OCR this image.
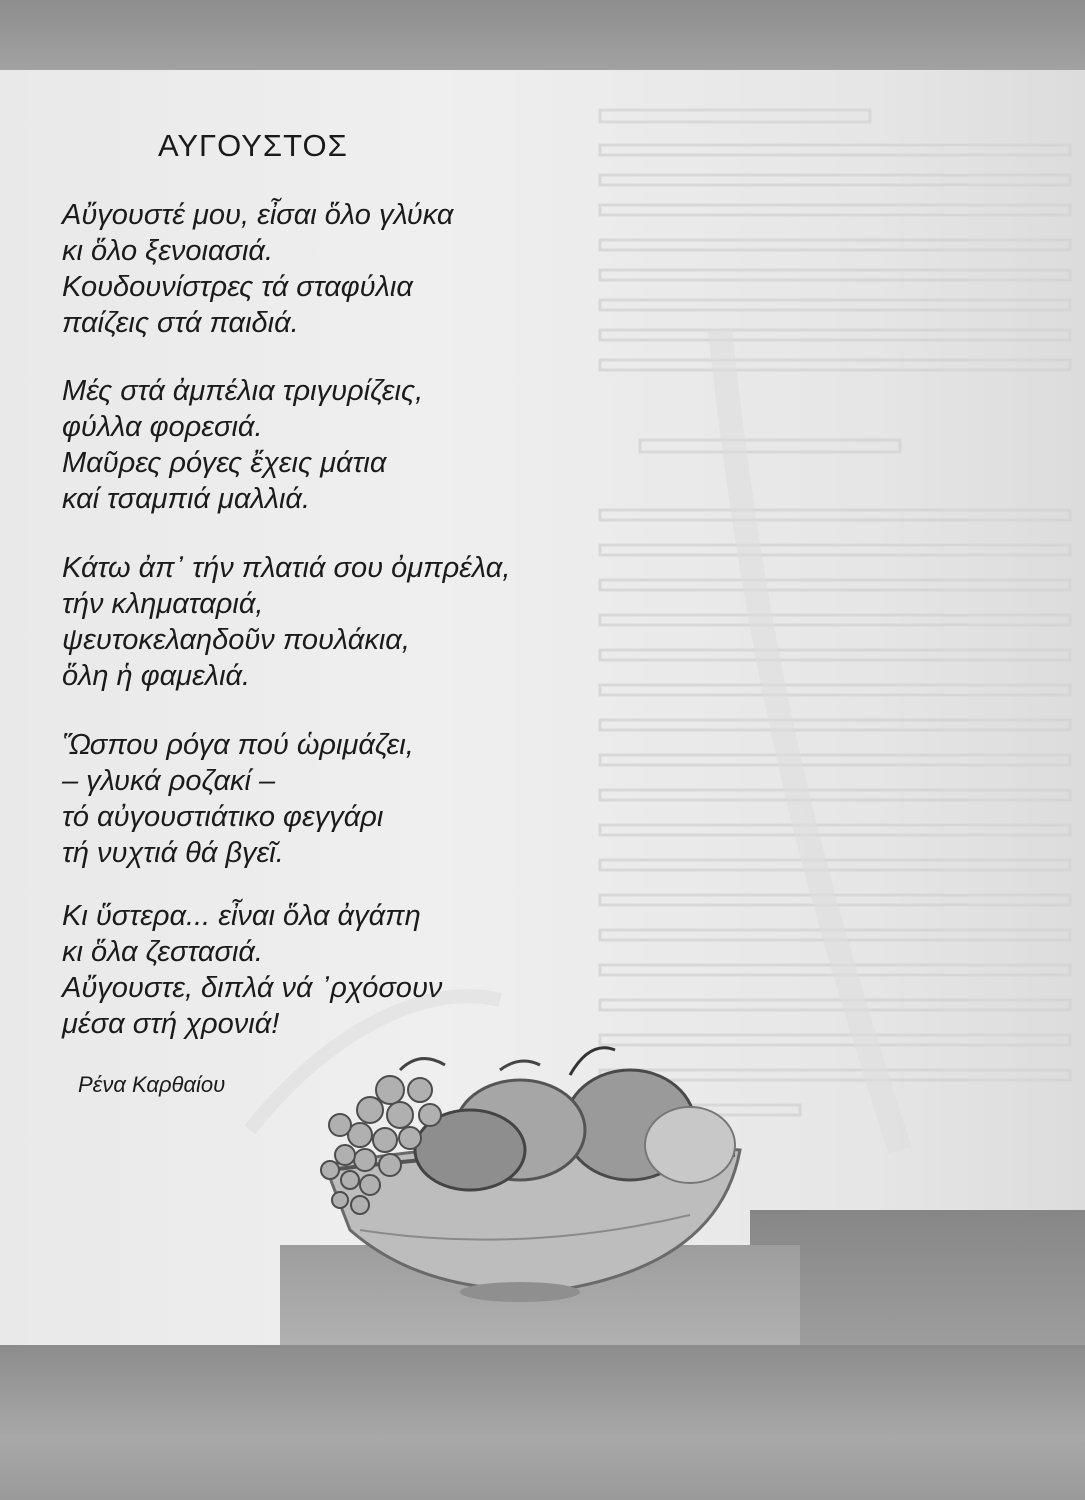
ΑΥΓΟΥΣΤΟΣ
Αὔγουστέ μου, εἶσαι ὅλο γλύκα
κι ὅλο ξενοιασιά.
Κουδουνίστρες τά σταφύλια
παίζεις στά παιδιά.
Μές στά ἀμπέλια τριγυρίζεις,
φύλλα φορεσιά.
Μαῦρες ρόγες ἔχεις μάτια
καί τσαμπιά μαλλιά.
Κάτω ἀπ᾽ τήν πλατιά σου ὀμπρέλα,
τήν κληματαριά,
ψευτοκελαηδοῦν πουλάκια,
ὅλη ἡ φαμελιά.
Ὥσπου ρόγα πού ὡριμάζει,
– γλυκά ροζακί –
τό αὐγουστιάτικο φεγγάρι
τή νυχτιά θά βγεῖ.
Κι ὕστερα... εἶναι ὅλα ἀγάπη
κι ὅλα ζεστασιά.
Αὔγουστε, διπλά νά ᾽ρχόσουν
μέσα στή χρονιά!
Ρένα Καρθαίου
